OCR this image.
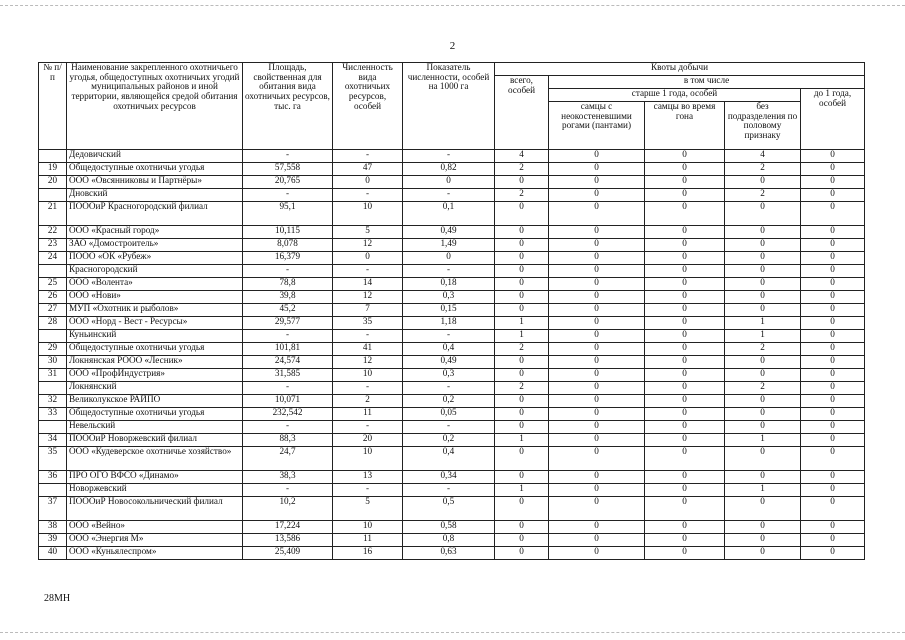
2
№ п/п	Наименование закрепленного охотничьего угодья, общедоступных охотничьих угодий муниципальных районов и иной территории, являющейся средой обитания охотничьих ресурсов	Площадь, свойственная для обитания вида охотничьих ресурсов, тыс. га	Численность вида охотничьих ресурсов, особей	Показатель численности, особей на 1000 га	Квоты добычи				
					всего, особей	в том числе			
						старше 1 года, особей			до 1 года, особей
						самцы с неокостеневшими рогами (пантами)	самцы во время гона	без подразделения по половому признаку	
	Дедовичский	-	-	-	4	0	0	4	0
19	Общедоступные охотничьи угодья	57,558	47	0,82	2	0	0	2	0
20	ООО «Овсянниковы и Партнёры»	20,765	0	0	0	0	0	0	0
	Дновский	-	-	-	2	0	0	2	0
21	ПОООиР Красногородский филиал	95,1	10	0,1	0	0	0	0	0
22	ООО «Красный город»	10,115	5	0,49	0	0	0	0	0
23	ЗАО «Домостроитель»	8,078	12	1,49	0	0	0	0	0
24	ПООО «ОК «Рубеж»	16,379	0	0	0	0	0	0	0
	Красногородский	-	-	-	0	0	0	0	0
25	ООО «Волента»	78,8	14	0,18	0	0	0	0	0
26	ООО «Нови»	39,8	12	0,3	0	0	0	0	0
27	МУП «Охотник и рыболов»	45,2	7	0,15	0	0	0	0	0
28	ООО «Норд - Вест - Ресурсы»	29,577	35	1,18	1	0	0	1	0
	Куньинский	-	-	-	1	0	0	1	0
29	Общедоступные охотничьи угодья	101,81	41	0,4	2	0	0	2	0
30	Локнянская РООО «Лесник»	24,574	12	0,49	0	0	0	0	0
31	ООО «ПрофИндустрия»	31,585	10	0,3	0	0	0	0	0
	Локнянский	-	-	-	2	0	0	2	0
32	Великолукское РАЙПО	10,071	2	0,2	0	0	0	0	0
33	Общедоступные охотничьи угодья	232,542	11	0,05	0	0	0	0	0
	Невельский	-	-	-	0	0	0	0	0
34	ПОООиР Новоржевский филиал	88,3	20	0,2	1	0	0	1	0
35	ООО «Кудеверское охотничье хозяйство»	24,7	10	0,4	0	0	0	0	0
36	ПРО ОГО ВФСО «Динамо»	38,3	13	0,34	0	0	0	0	0
	Новоржевский	-	-	-	1	0	0	1	0
37	ПОООиР Новосокольнический филиал	10,2	5	0,5	0	0	0	0	0
38	ООО «Вейно»	17,224	10	0,58	0	0	0	0	0
39	ООО «Энергия М»	13,586	11	0,8	0	0	0	0	0
40	ООО «Куньялеспром»	25,409	16	0,63	0	0	0	0	0
28МН
